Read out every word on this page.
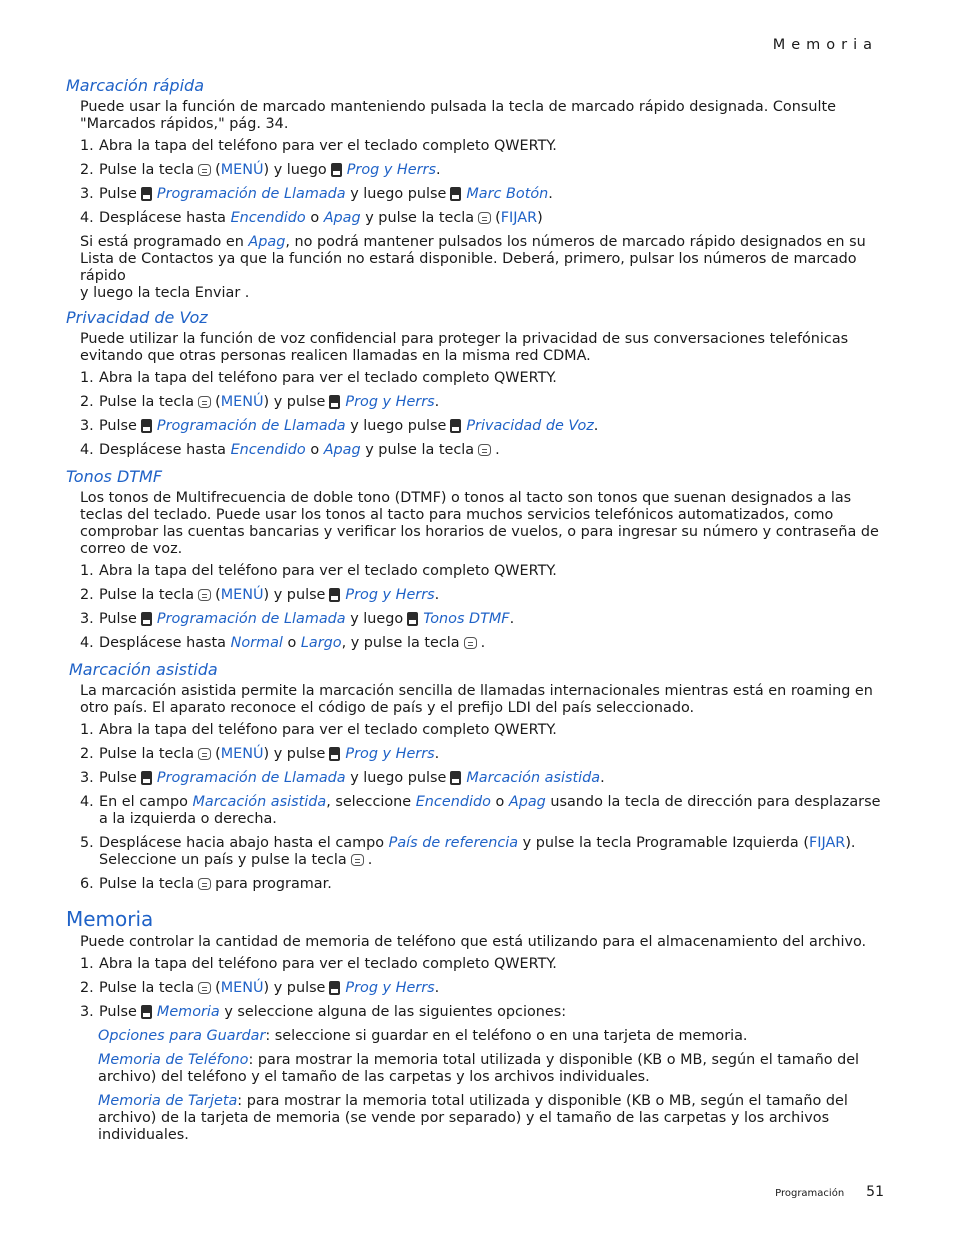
Memoria
Marcación rápida
Puede usar la función de marcado manteniendo pulsada la tecla de marcado rápido designada. Consulte "Marcados rápidos," pág. 34.
1. Abra la tapa del teléfono para ver el teclado completo QWERTY.
2. Pulse la tecla (MENÚ) y luego Prog y Herrs.
3. Pulse Programación de Llamada y luego pulse Marc Botón.
4. Desplácese hasta Encendido o Apag y pulse la tecla (FIJAR)
Si está programado en Apag, no podrá mantener pulsados los números de marcado rápido designados en su Lista de Contactos ya que la función no estará disponible. Deberá, primero, pulsar los números de marcado rápido
y luego la tecla Enviar .
Privacidad de Voz
Puede utilizar la función de voz confidencial para proteger la privacidad de sus conversaciones telefónicas evitando que otras personas realicen llamadas en la misma red CDMA.
1. Abra la tapa del teléfono para ver el teclado completo QWERTY.
2. Pulse la tecla (MENÚ) y pulse Prog y Herrs.
3. Pulse Programación de Llamada y luego pulse Privacidad de Voz.
4. Desplácese hasta Encendido o Apag y pulse la tecla .
Tonos DTMF
Los tonos de Multifrecuencia de doble tono (DTMF) o tonos al tacto son tonos que suenan designados a las teclas del teclado. Puede usar los tonos al tacto para muchos servicios telefónicos automatizados, como comprobar las cuentas bancarias y verificar los horarios de vuelos, o para ingresar su número y contraseña de correo de voz.
1. Abra la tapa del teléfono para ver el teclado completo QWERTY.
2. Pulse la tecla (MENÚ) y pulse Prog y Herrs.
3. Pulse Programación de Llamada y luego Tonos DTMF.
4. Desplácese hasta Normal o Largo, y pulse la tecla .
Marcación asistida
La marcación asistida permite la marcación sencilla de llamadas internacionales mientras está en roaming en otro país. El aparato reconoce el código de país y el prefijo LDI del país seleccionado.
1. Abra la tapa del teléfono para ver el teclado completo QWERTY.
2. Pulse la tecla (MENÚ) y pulse Prog y Herrs.
3. Pulse Programación de Llamada y luego pulse Marcación asistida.
4. En el campo Marcación asistida, seleccione Encendido o Apag usando la tecla de dirección para desplazarse a la izquierda o derecha.
5. Desplácese hacia abajo hasta el campo País de referencia y pulse la tecla Programable Izquierda (FIJAR). Seleccione un país y pulse la tecla .
6. Pulse la tecla para programar.
Memoria
Puede controlar la cantidad de memoria de teléfono que está utilizando para el almacenamiento del archivo.
1. Abra la tapa del teléfono para ver el teclado completo QWERTY.
2. Pulse la tecla (MENÚ) y pulse Prog y Herrs.
3. Pulse Memoria y seleccione alguna de las siguientes opciones:
Opciones para Guardar: seleccione si guardar en el teléfono o en una tarjeta de memoria.
Memoria de Teléfono: para mostrar la memoria total utilizada y disponible (KB o MB, según el tamaño del archivo) del teléfono y el tamaño de las carpetas y los archivos individuales.
Memoria de Tarjeta: para mostrar la memoria total utilizada y disponible (KB o MB, según el tamaño del archivo) de la tarjeta de memoria (se vende por separado) y el tamaño de las carpetas y los archivos individuales.
Programación 51
